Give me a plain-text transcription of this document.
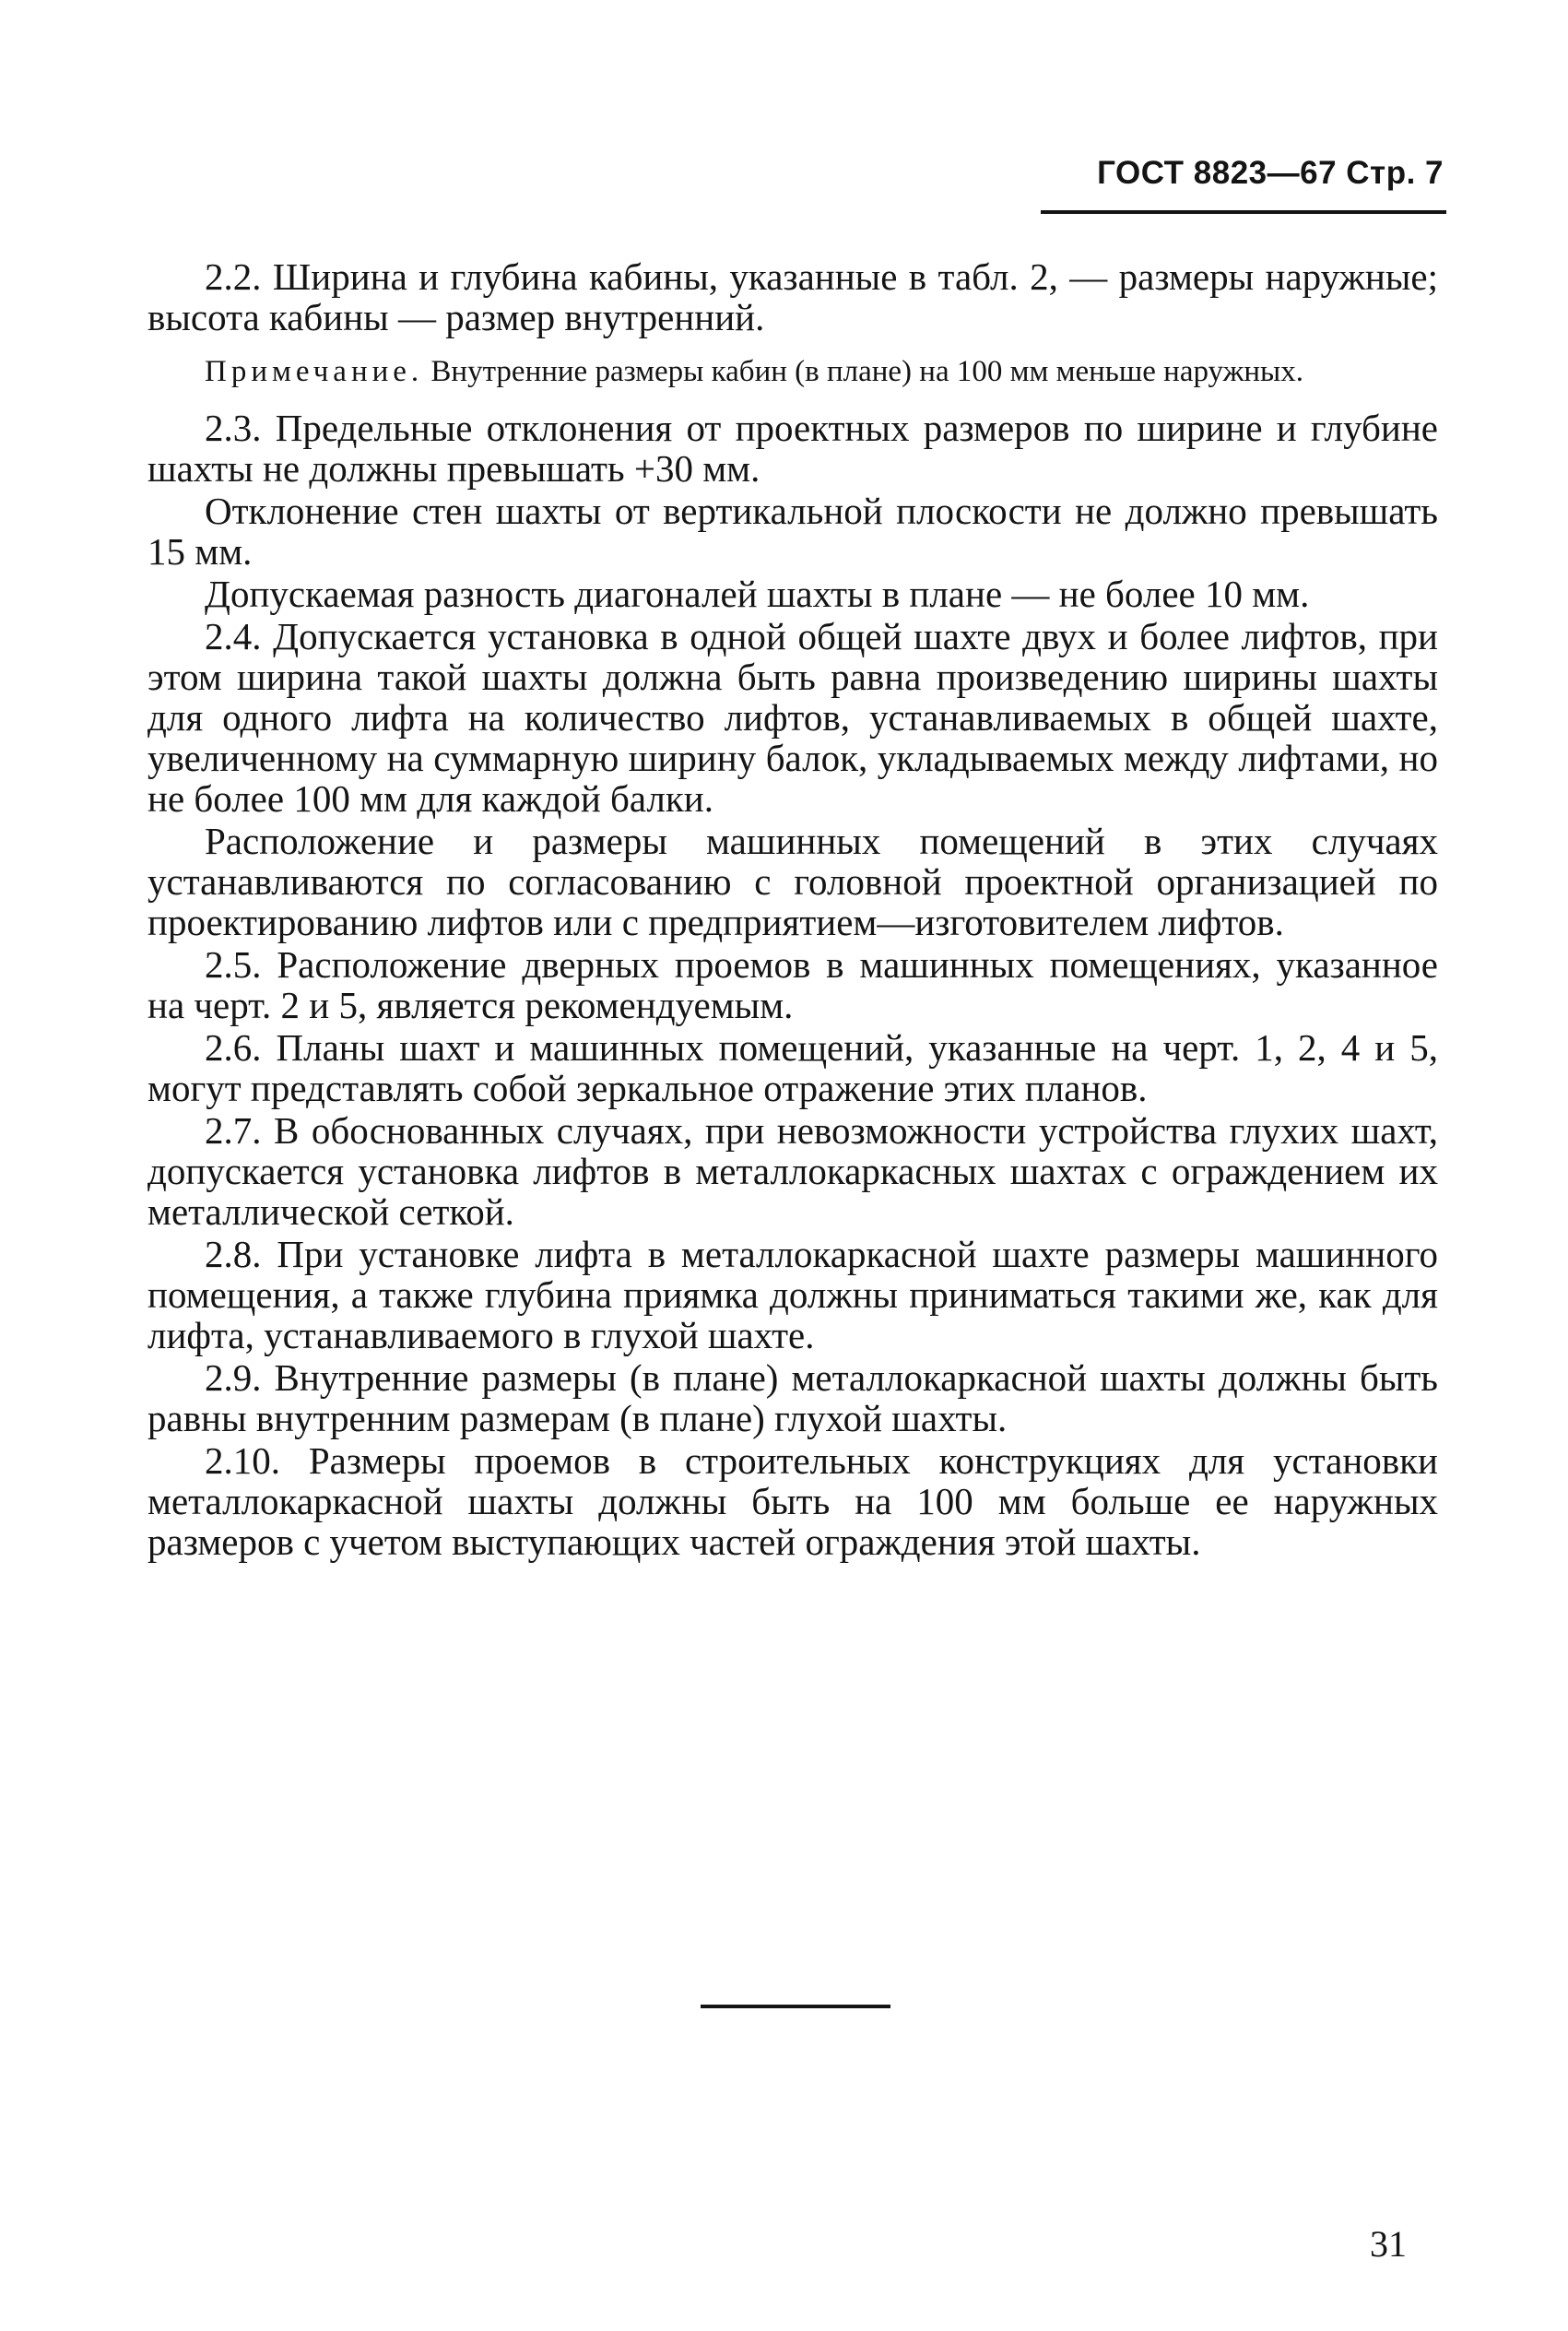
ГОСТ 8823—67 Стр. 7

2.2. Ширина и глубина кабины, указанные в табл. 2, — размеры наружные; высота кабины — размер внутренний.

Примечание. Внутренние размеры кабин (в плане) на 100 мм меньше наружных.

2.3. Предельные отклонения от проектных размеров по ширине и глубине шахты не должны превышать +30 мм.

Отклонение стен шахты от вертикальной плоскости не должно превышать 15 мм.

Допускаемая разность диагоналей шахты в плане — не более 10 мм.

2.4. Допускается установка в одной общей шахте двух и более лифтов, при этом ширина такой шахты должна быть равна произведению ширины шахты для одного лифта на количество лифтов, устанавливаемых в общей шахте, увеличенному на суммарную ширину балок, укладываемых между лифтами, но не более 100 мм для каждой балки.

Расположение и размеры машинных помещений в этих случаях устанавливаются по согласованию с головной проектной организацией по проектированию лифтов или с предприятием—изготовителем лифтов.

2.5. Расположение дверных проемов в машинных помещениях, указанное на черт. 2 и 5, является рекомендуемым.

2.6. Планы шахт и машинных помещений, указанные на черт. 1, 2, 4 и 5, могут представлять собой зеркальное отражение этих планов.

2.7. В обоснованных случаях, при невозможности устройства глухих шахт, допускается установка лифтов в металлокаркасных шахтах с ограждением их металлической сеткой.

2.8. При установке лифта в металлокаркасной шахте размеры машинного помещения, а также глубина приямка должны приниматься такими же, как для лифта, устанавливаемого в глухой шахте.

2.9. Внутренние размеры (в плане) металлокаркасной шахты должны быть равны внутренним размерам (в плане) глухой шахты.

2.10. Размеры проемов в строительных конструкциях для установки металлокаркасной шахты должны быть на 100 мм больше ее наружных размеров с учетом выступающих частей ограждения этой шахты.

31
